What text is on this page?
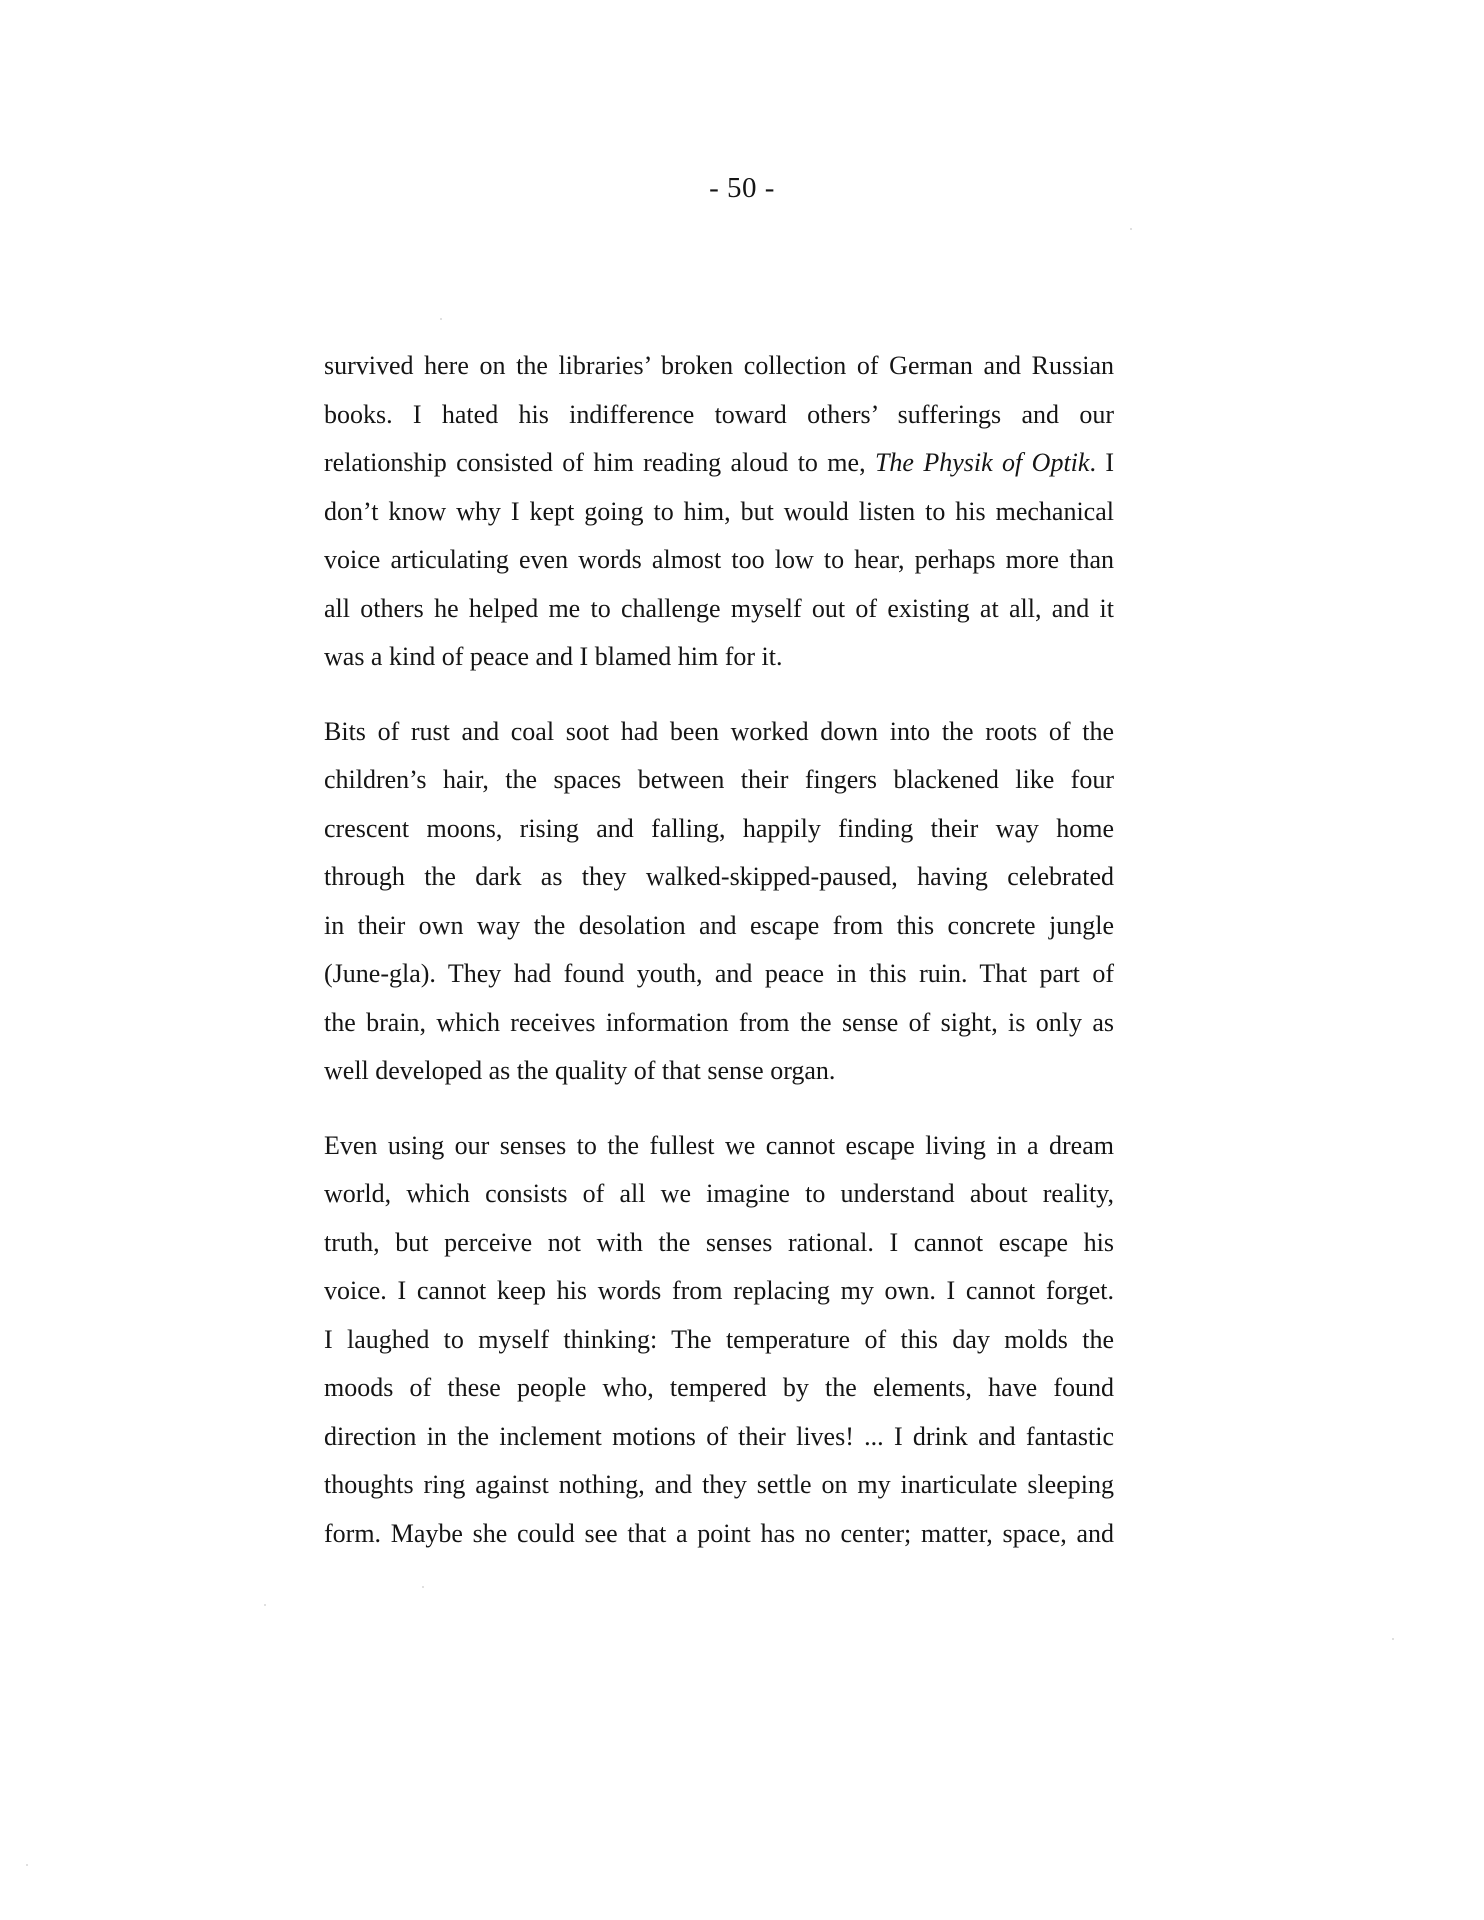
- 50 -
survived here on the libraries’ broken collection of German and Russian
books. I hated his indifference toward others’ sufferings and our
relationship consisted of him reading aloud to me, The Physik of Optik. I
don’t know why I kept going to him, but would listen to his mechanical
voice articulating even words almost too low to hear, perhaps more than
all others he helped me to challenge myself out of existing at all, and it
was a kind of peace and I blamed him for it.
Bits of rust and coal soot had been worked down into the roots of the
children’s hair, the spaces between their fingers blackened like four
crescent moons, rising and falling, happily finding their way home
through the dark as they walked-skipped-paused, having celebrated
in their own way the desolation and escape from this concrete jungle
(June-gla). They had found youth, and peace in this ruin. That part of
the brain, which receives information from the sense of sight, is only as
well developed as the quality of that sense organ.
Even using our senses to the fullest we cannot escape living in a dream
world, which consists of all we imagine to understand about reality,
truth, but perceive not with the senses rational. I cannot escape his
voice. I cannot keep his words from replacing my own. I cannot forget.
I laughed to myself thinking: The temperature of this day molds the
moods of these people who, tempered by the elements, have found
direction in the inclement motions of their lives! ... I drink and fantastic
thoughts ring against nothing, and they settle on my inarticulate sleeping
form. Maybe she could see that a point has no center; matter, space, and
